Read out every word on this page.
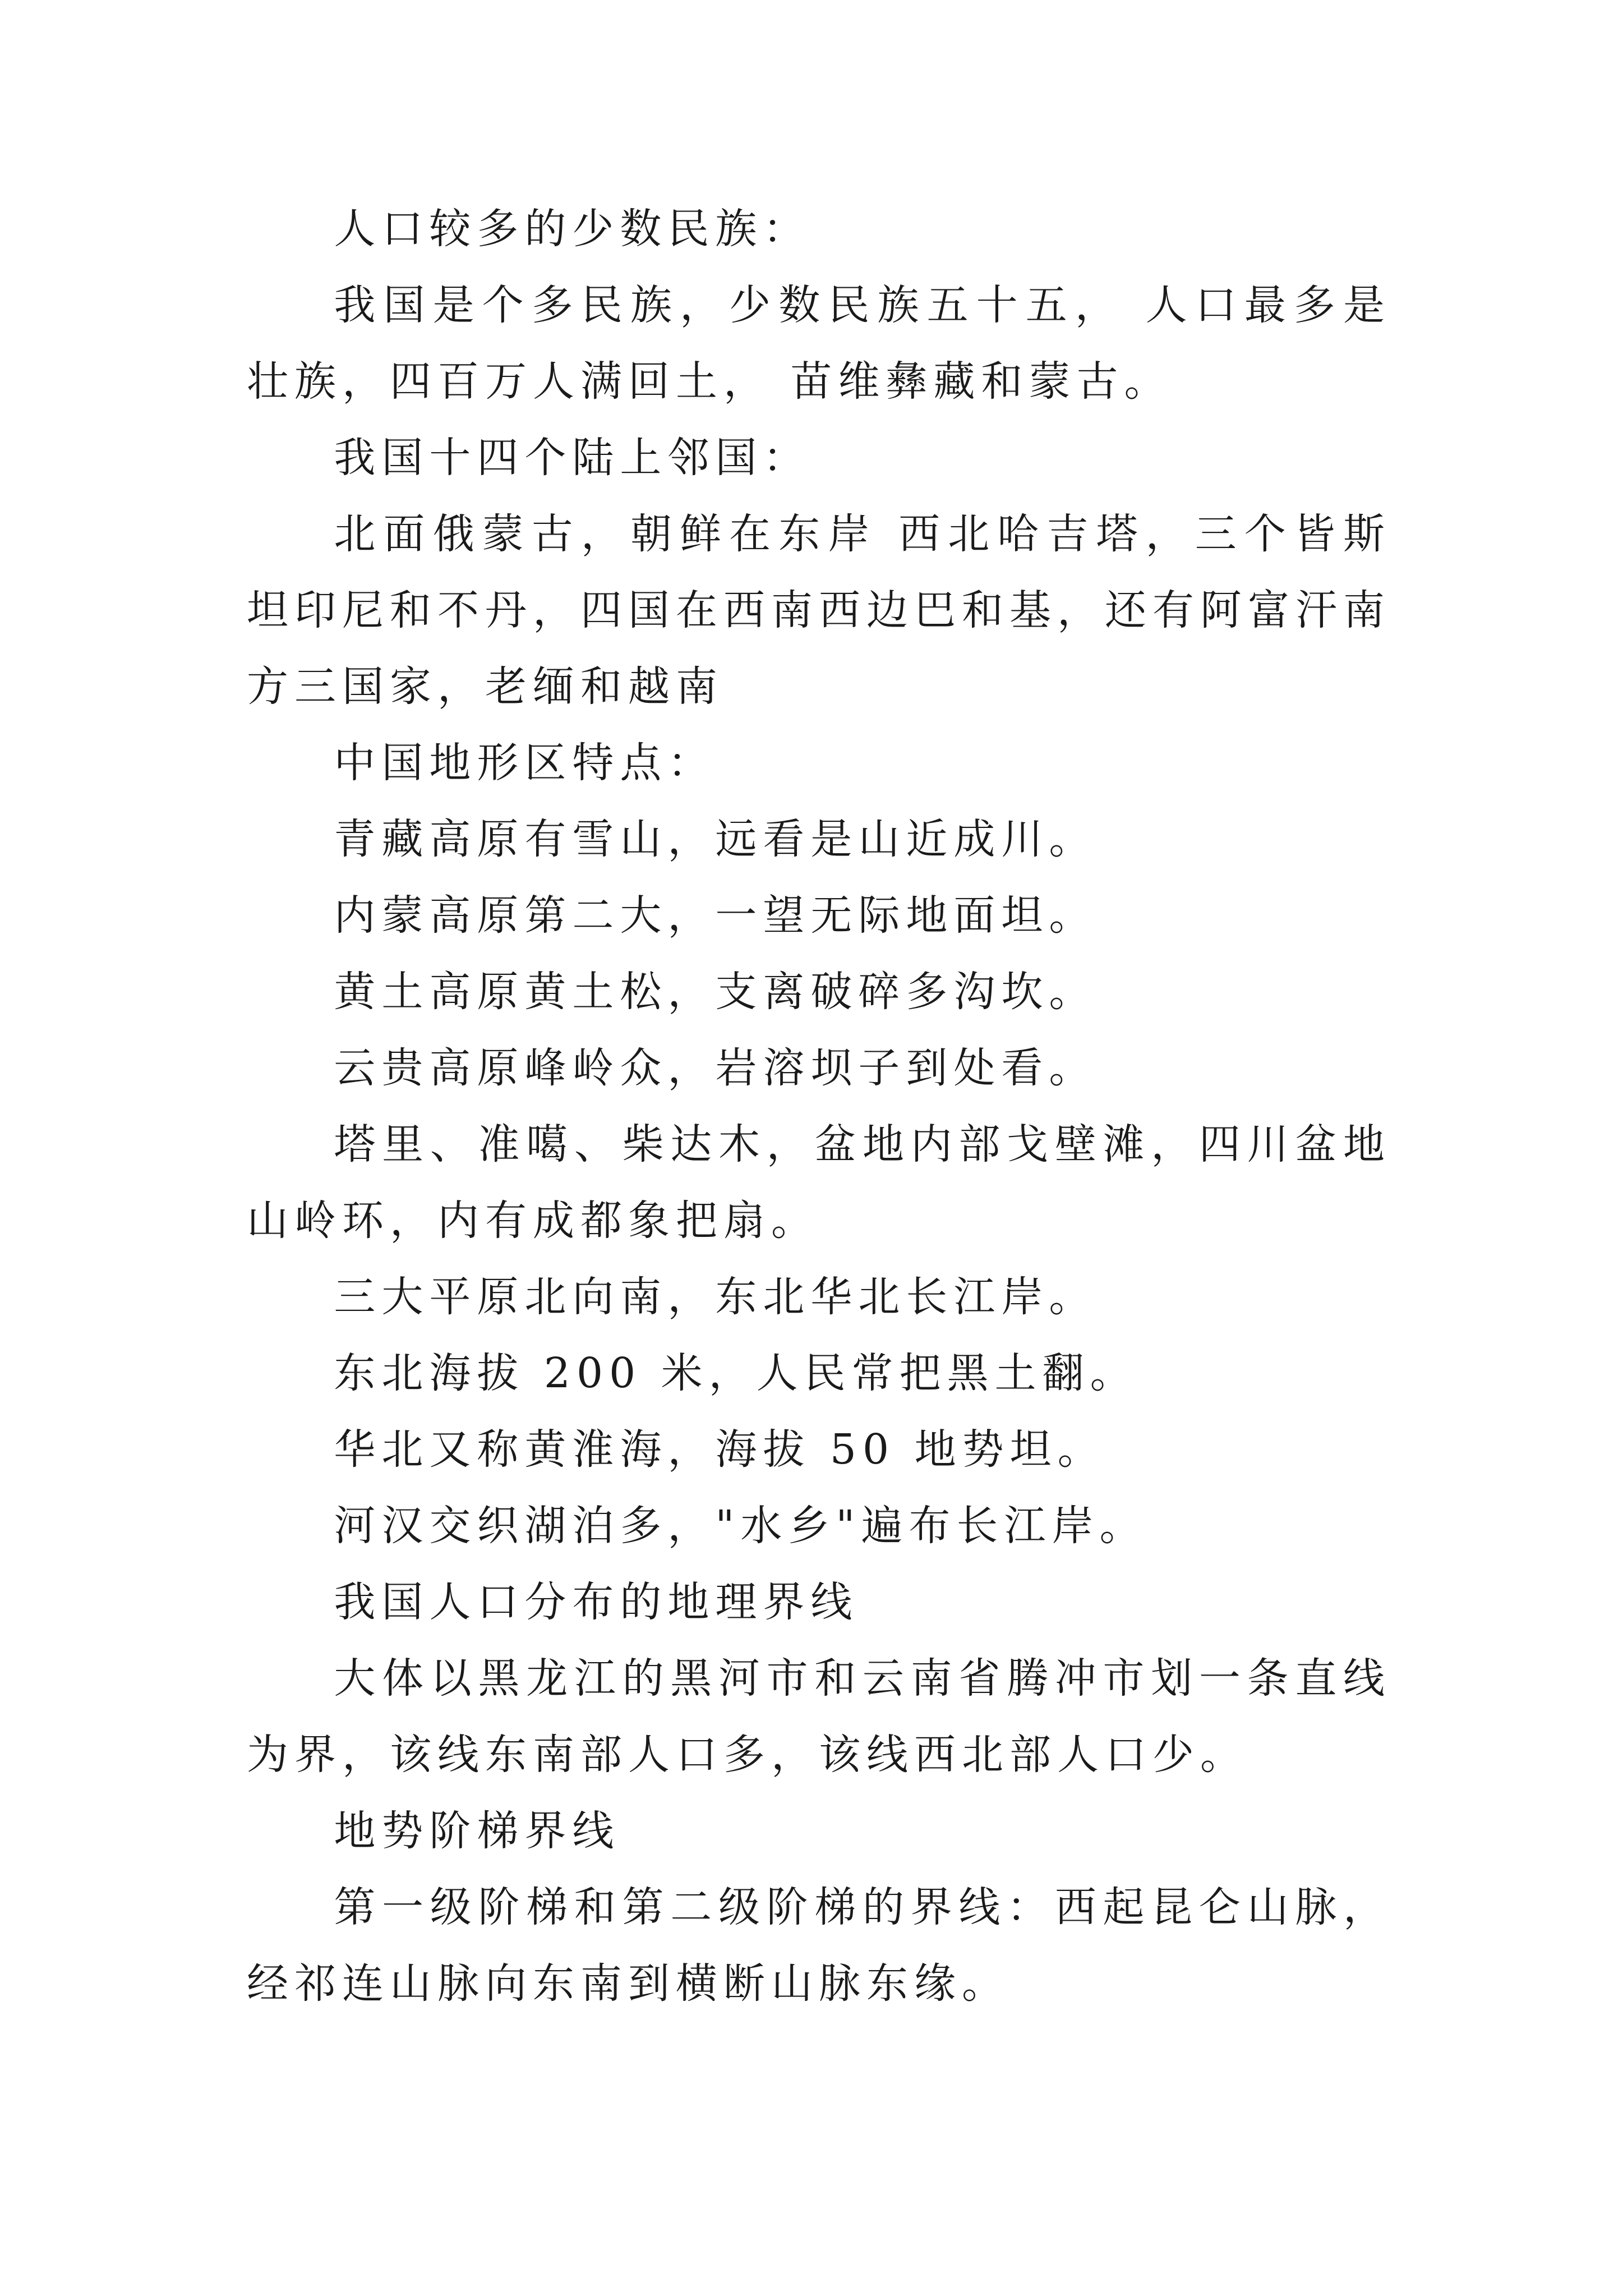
人口较多的少数民族：

我国是个多民族，少数民族五十五， 人口最多是壮族，四百万人满回土， 苗维彝藏和蒙古。

我国十四个陆上邻国：

北面俄蒙古，朝鲜在东岸 西北哈吉塔，三个皆斯坦印尼和不丹，四国在西南西边巴和基，还有阿富汗南方三国家，老缅和越南

中国地形区特点：

青藏高原有雪山，远看是山近成川。

内蒙高原第二大，一望无际地面坦。

黄土高原黄土松，支离破碎多沟坎。

云贵高原峰岭众，岩溶坝子到处看。

塔里、准噶、柴达木，盆地内部戈壁滩，四川盆地山岭环，内有成都象把扇。

三大平原北向南，东北华北长江岸。

东北海拔 200 米，人民常把黑土翻。

华北又称黄淮海，海拔 50 地势坦。

河汉交织湖泊多，"水乡"遍布长江岸。

我国人口分布的地理界线

大体以黑龙江的黑河市和云南省腾冲市划一条直线为界，该线东南部人口多，该线西北部人口少。

地势阶梯界线

第一级阶梯和第二级阶梯的界线：西起昆仑山脉，经祁连山脉向东南到横断山脉东缘。
